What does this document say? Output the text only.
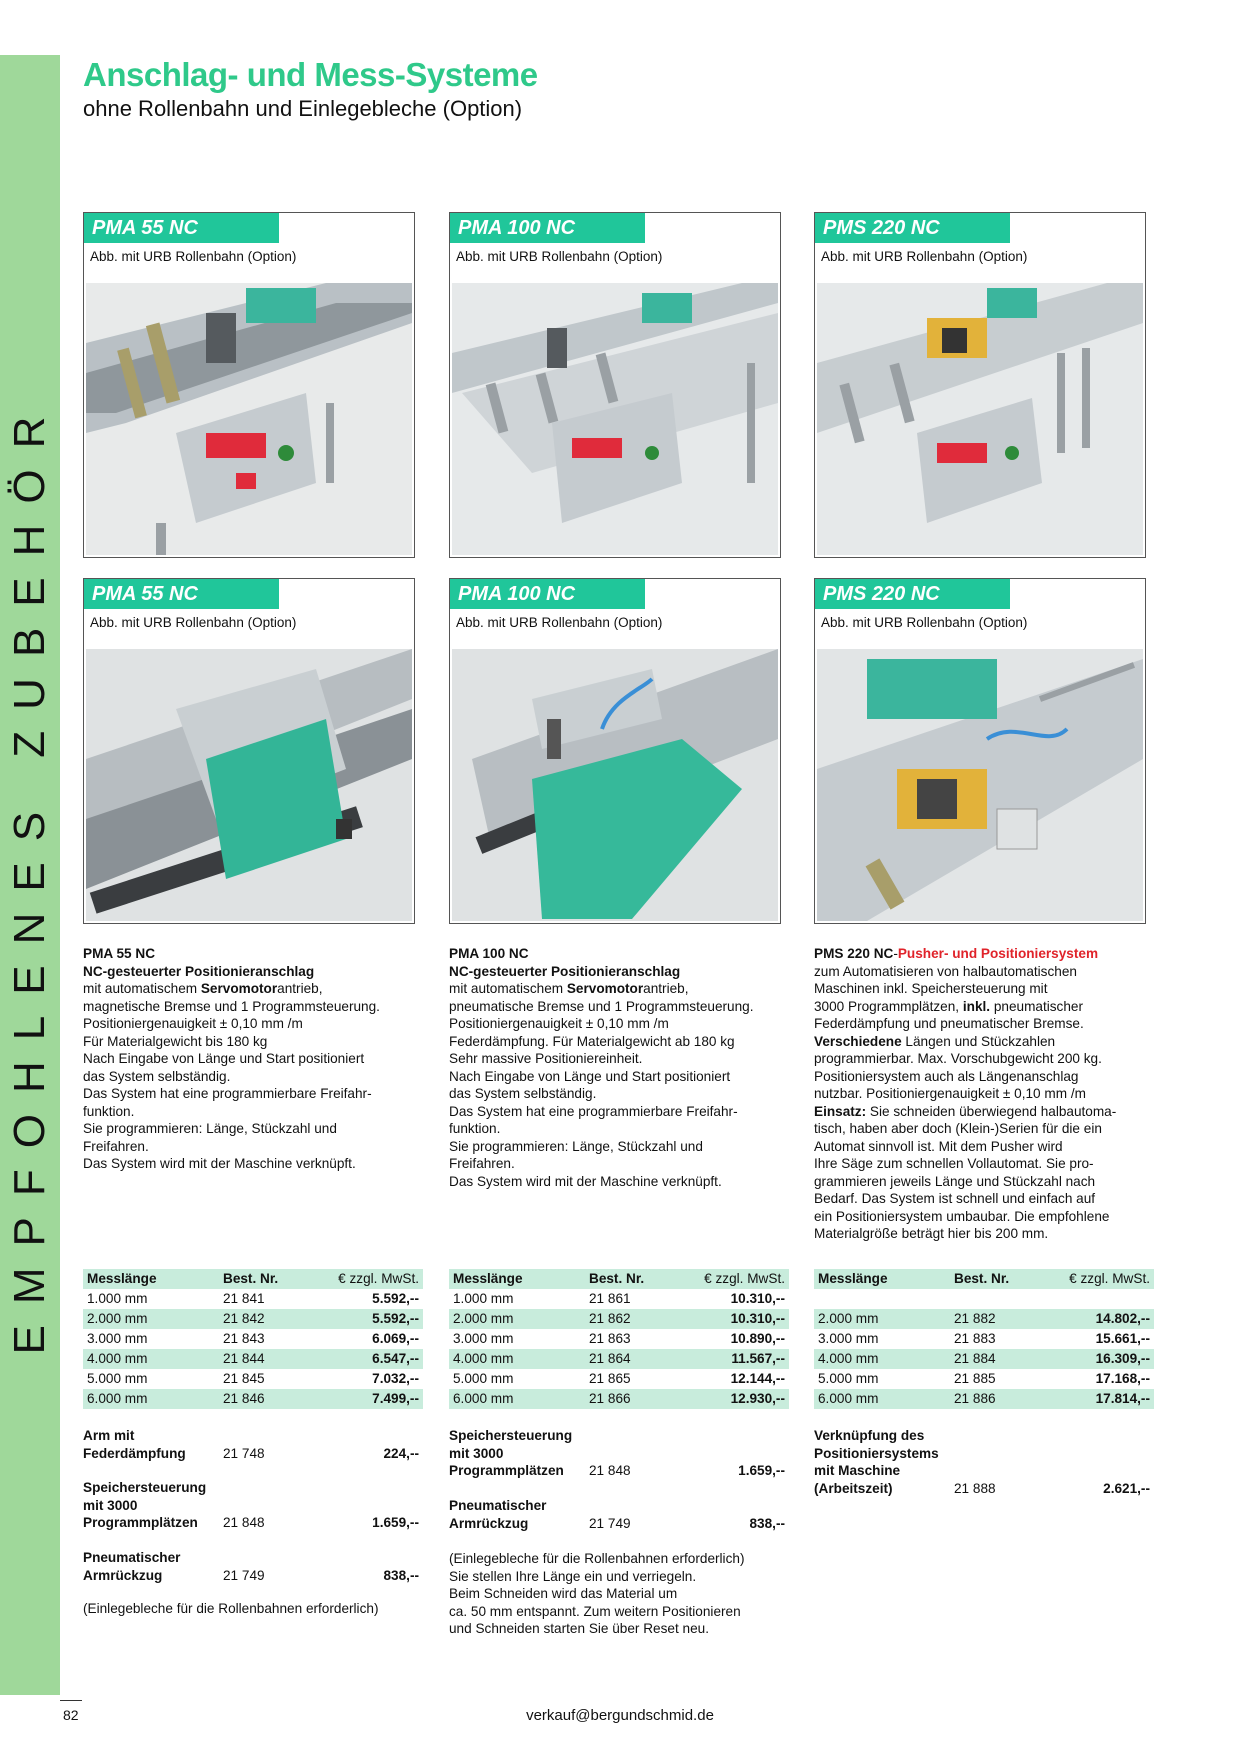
EMPFOHLENES ZUBEHÖR
Anschlag- und Mess-Systeme
ohne Rollenbahn und Einlegebleche (Option)
PMA 55 NC
Abb. mit URB Rollenbahn (Option)
PMA 100 NC
Abb. mit URB Rollenbahn (Option)
PMS 220 NC
Abb. mit URB Rollenbahn (Option)
PMA 55 NC
Abb. mit URB Rollenbahn (Option)
PMA 100 NC
Abb. mit URB Rollenbahn (Option)
PMS 220 NC
Abb. mit URB Rollenbahn (Option)
PMA 55 NC
NC-gesteuerter Positionieranschlag
mit automatischem Servomotorantrieb,
magnetische Bremse und 1 Programmsteuerung.
Positioniergenauigkeit ± 0,10 mm /m
Für Materialgewicht bis 180 kg
Nach Eingabe von Länge und Start positioniert
das System selbständig.
Das System hat eine programmierbare Freifahr-
funktion.
Sie programmieren: Länge, Stückzahl und
Freifahren.
Das System wird mit der Maschine verknüpft.
PMA 100 NC
NC-gesteuerter Positionieranschlag
mit automatischem Servomotorantrieb,
pneumatische Bremse und 1 Programmsteuerung.
Positioniergenauigkeit ± 0,10 mm /m
Federdämpfung. Für Materialgewicht ab 180 kg
Sehr massive Positioniereinheit.
Nach Eingabe von Länge und Start positioniert
das System selbständig.
Das System hat eine programmierbare Freifahr-
funktion.
Sie programmieren: Länge, Stückzahl und
Freifahren.
Das System wird mit der Maschine verknüpft.
PMS 220 NC-Pusher- und Positioniersystem
zum Automatisieren von halbautomatischen
Maschinen inkl. Speichersteuerung mit
3000 Programmplätzen, inkl. pneumatischer
Federdämpfung und pneumatischer Bremse.
Verschiedene Längen und Stückzahlen
programmierbar. Max. Vorschubgewicht 200 kg.
Positioniersystem auch als Längenanschlag
nutzbar. Positioniergenauigkeit ± 0,10 mm /m
Einsatz: Sie schneiden überwiegend halbautoma-
tisch, haben aber doch (Klein-)Serien für die ein
Automat sinnvoll ist. Mit dem Pusher wird
Ihre Säge zum schnellen Vollautomat. Sie pro-
grammieren jeweils Länge und Stückzahl nach
Bedarf. Das System ist schnell und einfach auf
ein Positioniersystem umbaubar. Die empfohlene
Materialgröße beträgt hier bis 200 mm.
Messlänge	Best. Nr.	€ zzgl. MwSt.
1.000 mm	21 841	5.592,--
2.000 mm	21 842	5.592,--
3.000 mm	21 843	6.069,--
4.000 mm	21 844	6.547,--
5.000 mm	21 845	7.032,--
6.000 mm	21 846	7.499,--
Messlänge	Best. Nr.	€ zzgl. MwSt.
1.000 mm	21 861	10.310,--
2.000 mm	21 862	10.310,--
3.000 mm	21 863	10.890,--
4.000 mm	21 864	11.567,--
5.000 mm	21 865	12.144,--
6.000 mm	21 866	12.930,--
Messlänge	Best. Nr.	€ zzgl. MwSt.
2.000 mm	21 882	14.802,--
3.000 mm	21 883	15.661,--
4.000 mm	21 884	16.309,--
5.000 mm	21 885	17.168,--
6.000 mm	21 886	17.814,--
Arm mit
Federdämpfung	21 748	224,--
Speichersteuerung
mit 3000
Programmplätzen	21 848	1.659,--
Pneumatischer
Armrückzug	21 749	838,--
(Einlegebleche für die Rollenbahnen erforderlich)
Speichersteuerung
mit 3000
Programmplätzen	21 848	1.659,--
Pneumatischer
Armrückzug	21 749	838,--
(Einlegebleche für die Rollenbahnen erforderlich)
Sie stellen Ihre Länge ein und verriegeln.
Beim Schneiden wird das Material um
ca. 50 mm entspannt. Zum weitern Positionieren
und Schneiden starten Sie über Reset neu.
Verknüpfung des
Positioniersystems
mit Maschine
(Arbeitszeit)	21 888	2.621,--
82	verkauf@bergundschmid.de
